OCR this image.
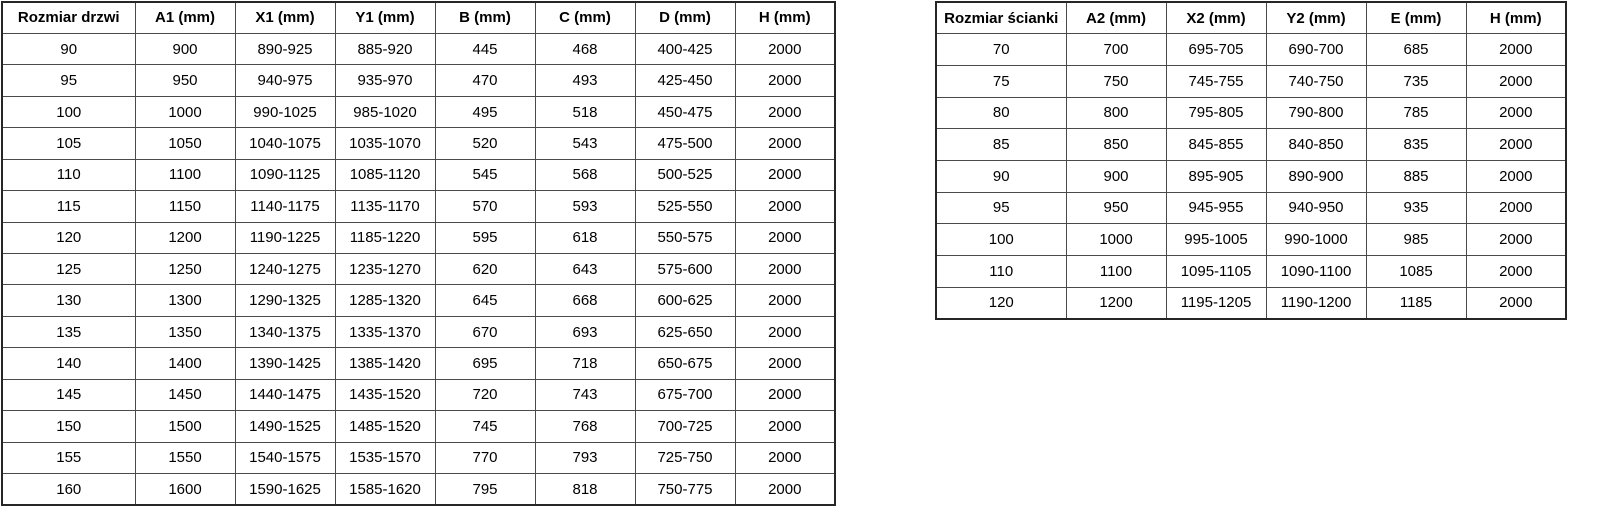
Rozmiar drzwi	A1 (mm)	X1 (mm)	Y1 (mm)	B (mm)	C (mm)	D (mm)	H (mm)
90	900	890-925	885-920	445	468	400-425	2000
95	950	940-975	935-970	470	493	425-450	2000
100	1000	990-1025	985-1020	495	518	450-475	2000
105	1050	1040-1075	1035-1070	520	543	475-500	2000
110	1100	1090-1125	1085-1120	545	568	500-525	2000
115	1150	1140-1175	1135-1170	570	593	525-550	2000
120	1200	1190-1225	1185-1220	595	618	550-575	2000
125	1250	1240-1275	1235-1270	620	643	575-600	2000
130	1300	1290-1325	1285-1320	645	668	600-625	2000
135	1350	1340-1375	1335-1370	670	693	625-650	2000
140	1400	1390-1425	1385-1420	695	718	650-675	2000
145	1450	1440-1475	1435-1520	720	743	675-700	2000
150	1500	1490-1525	1485-1520	745	768	700-725	2000
155	1550	1540-1575	1535-1570	770	793	725-750	2000
160	1600	1590-1625	1585-1620	795	818	750-775	2000
Rozmiar ścianki	A2 (mm)	X2 (mm)	Y2 (mm)	E (mm)	H (mm)
70	700	695-705	690-700	685	2000
75	750	745-755	740-750	735	2000
80	800	795-805	790-800	785	2000
85	850	845-855	840-850	835	2000
90	900	895-905	890-900	885	2000
95	950	945-955	940-950	935	2000
100	1000	995-1005	990-1000	985	2000
110	1100	1095-1105	1090-1100	1085	2000
120	1200	1195-1205	1190-1200	1185	2000
